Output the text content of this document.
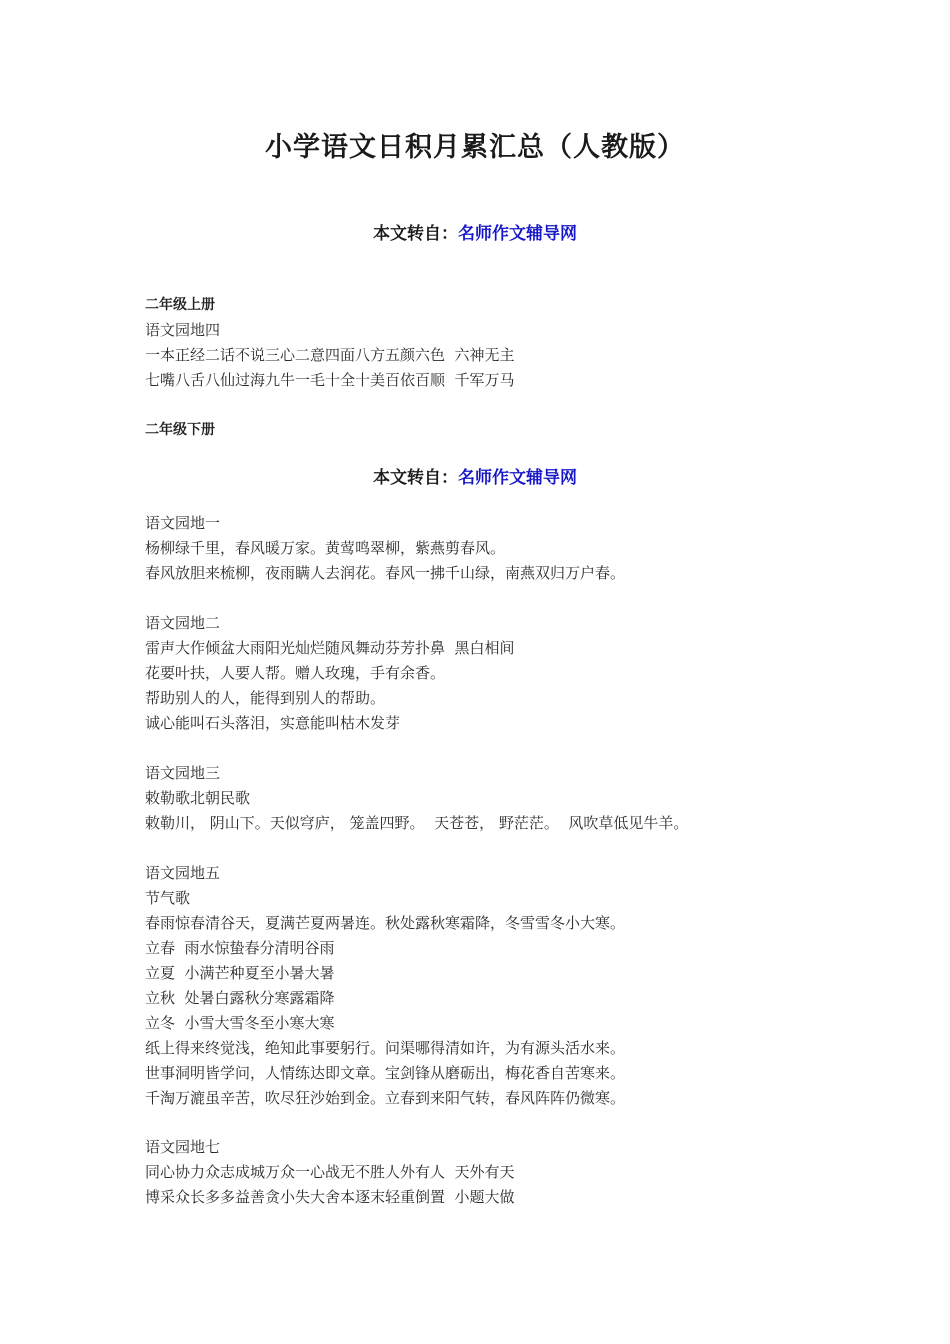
小学语文日积月累汇总（人教版）
本文转自：名师作文辅导网
二年级上册
语文园地四
一本正经二话不说三心二意四面八方五颜六色  六神无主
七嘴八舌八仙过海九牛一毛十全十美百依百顺  千军万马
二年级下册
本文转自：名师作文辅导网
语文园地一
杨柳绿千里，春风暖万家。黄莺鸣翠柳，紫燕剪春风。
春风放胆来梳柳，夜雨瞒人去润花。春风一拂千山绿，南燕双归万户春。
语文园地二
雷声大作倾盆大雨阳光灿烂随风舞动芬芳扑鼻  黑白相间
花要叶扶，人要人帮。赠人玫瑰，手有余香。
帮助别人的人，能得到别人的帮助。
诚心能叫石头落泪，实意能叫枯木发芽
语文园地三
敕勒歌北朝民歌
敕勒川， 阴山下。天似穹庐， 笼盖四野。  天苍苍， 野茫茫。  风吹草低见牛羊。
语文园地五
节气歌
春雨惊春清谷天，夏满芒夏两暑连。秋处露秋寒霜降，冬雪雪冬小大寒。
立春  雨水惊蛰春分清明谷雨
立夏  小满芒种夏至小暑大暑
立秋  处暑白露秋分寒露霜降
立冬  小雪大雪冬至小寒大寒
纸上得来终觉浅，绝知此事要躬行。问渠哪得清如许，为有源头活水来。
世事洞明皆学问，人情练达即文章。宝剑锋从磨砺出，梅花香自苦寒来。
千淘万漉虽辛苦，吹尽狂沙始到金。立春到来阳气转，春风阵阵仍微寒。
语文园地七
同心协力众志成城万众一心战无不胜人外有人  天外有天
博采众长多多益善贪小失大舍本逐末轻重倒置  小题大做
